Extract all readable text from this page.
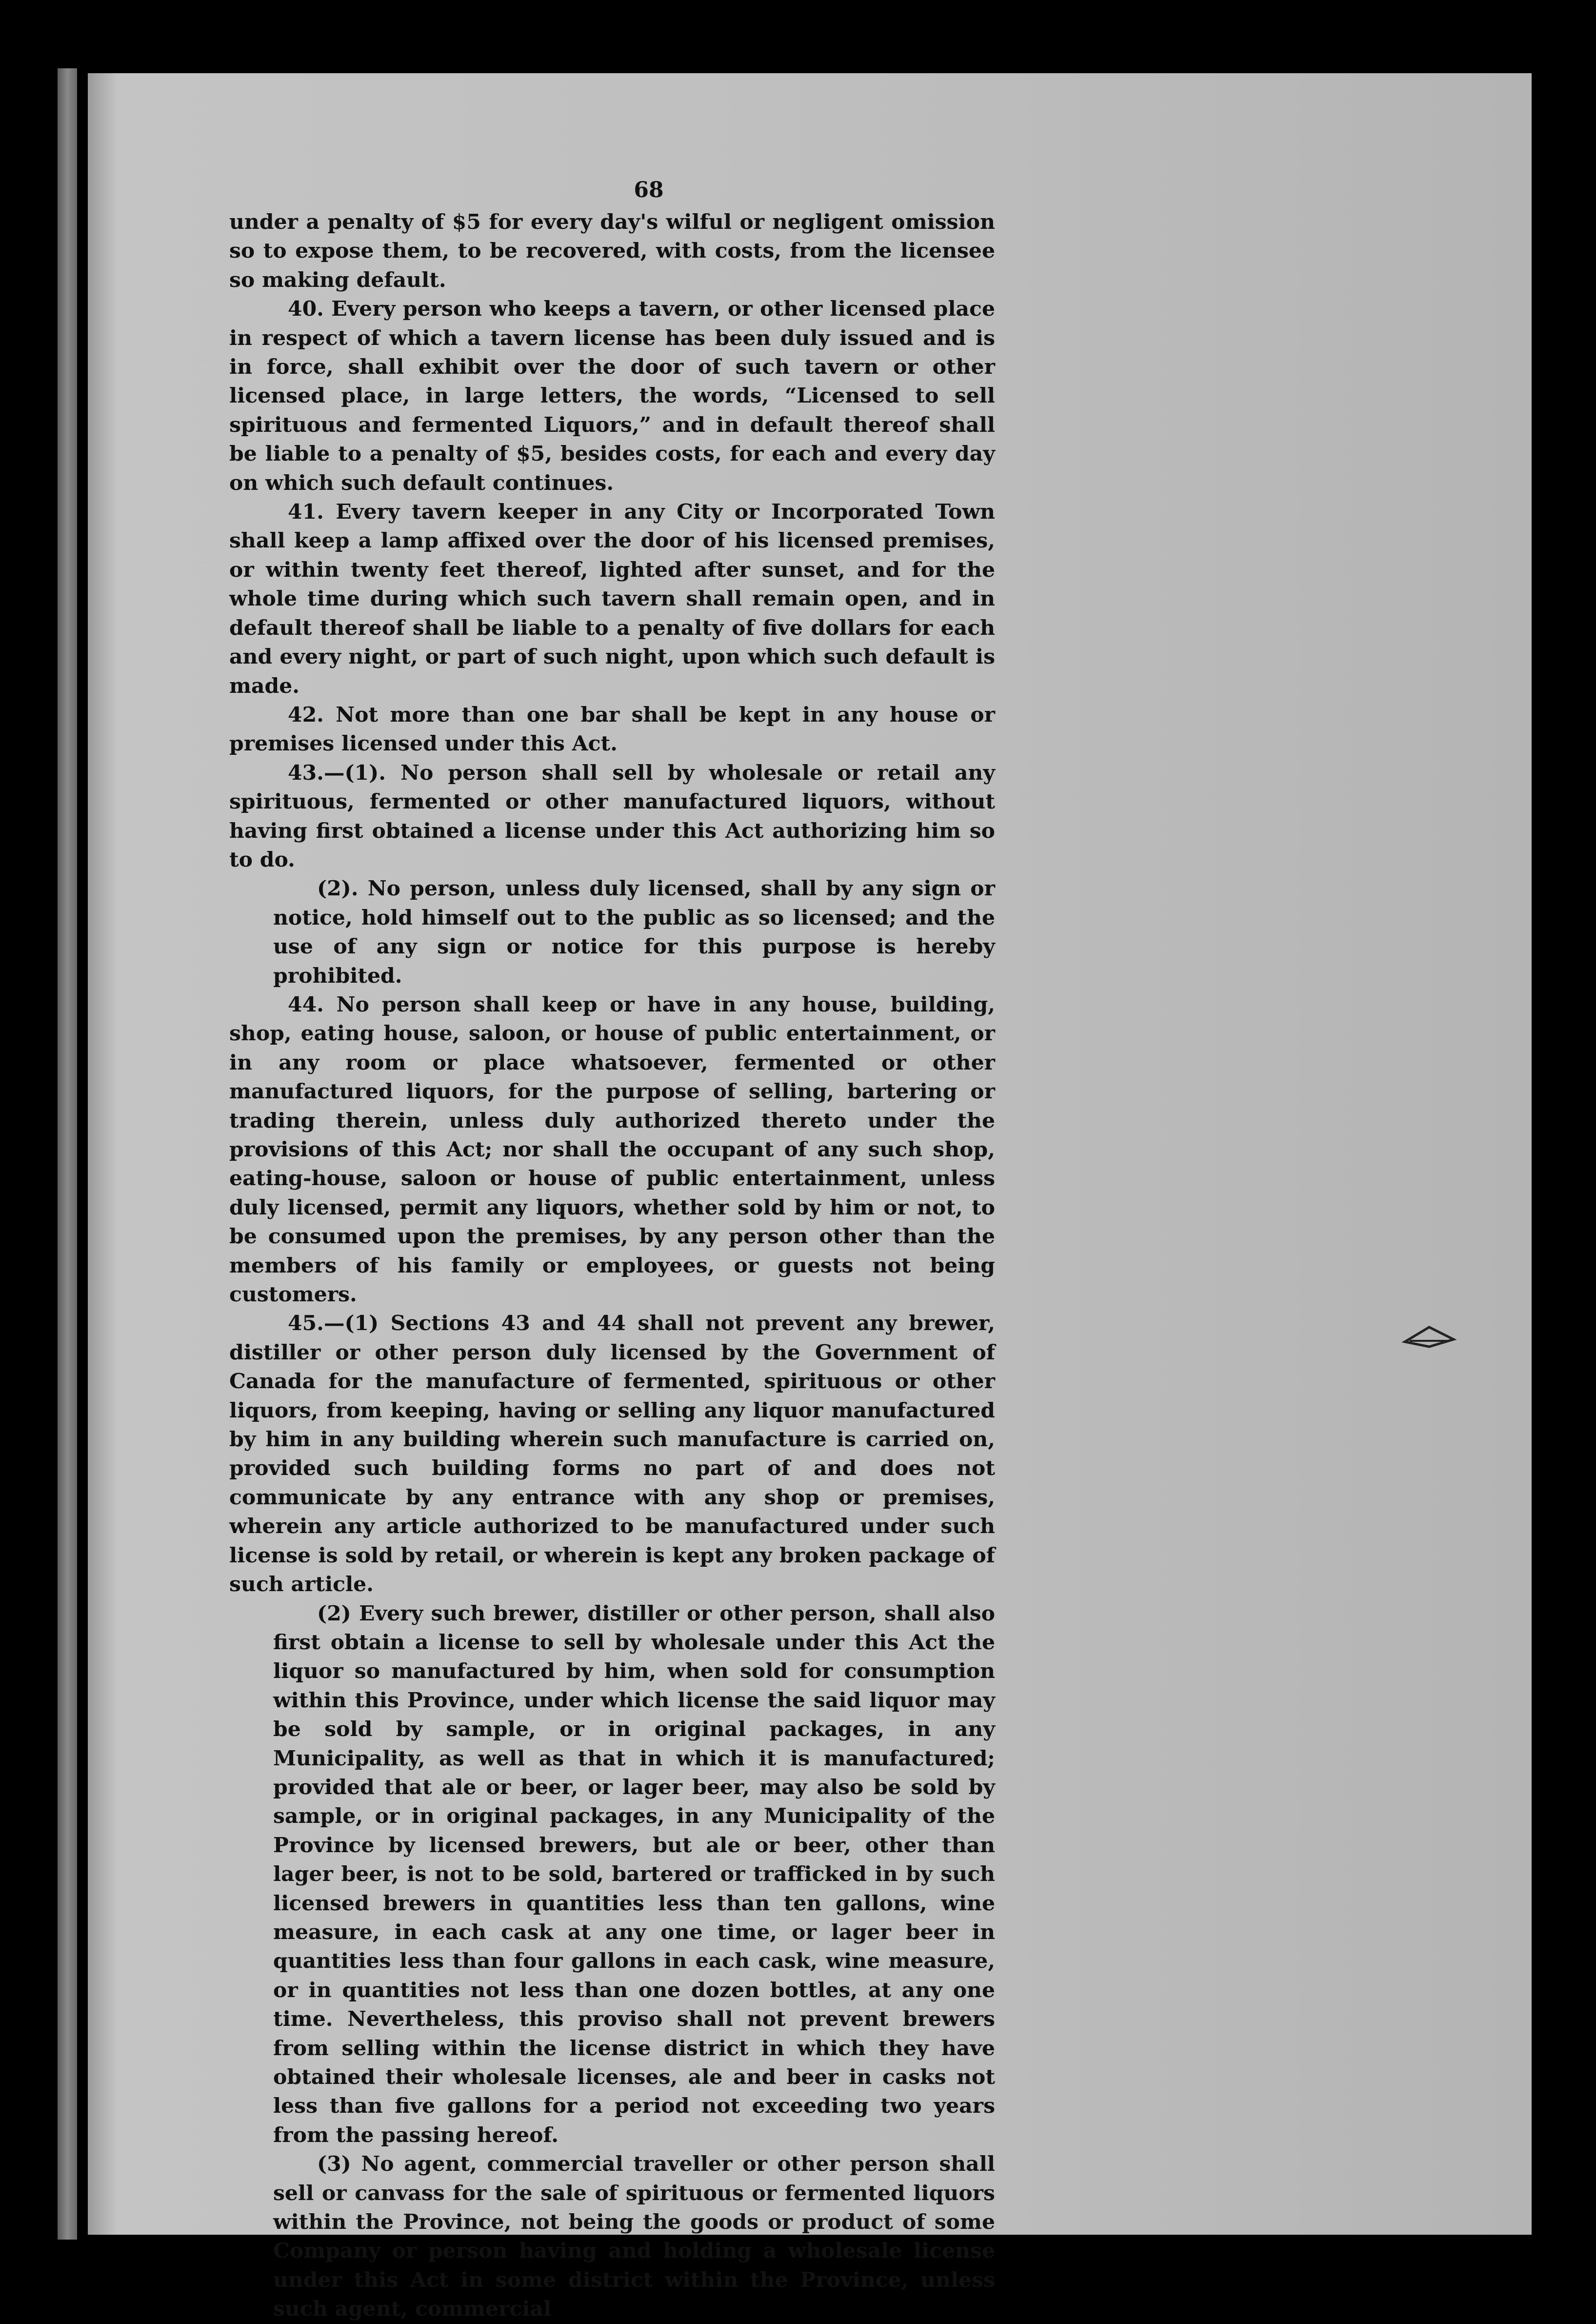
68

under a penalty of $5 for every day's wilful or negligent omission so to expose them, to be recovered, with costs, from the licensee so making default.

40. Every person who keeps a tavern, or other licensed place in respect of which a tavern license has been duly issued and is in force, shall exhibit over the door of such tavern or other licensed place, in large letters, the words, “Licensed to sell spirituous and fermented Liquors,” and in default thereof shall be liable to a penalty of $5, besides costs, for each and every day on which such default continues.

41. Every tavern keeper in any City or Incorporated Town shall keep a lamp affixed over the door of his licensed premises, or within twenty feet thereof, lighted after sunset, and for the whole time during which such tavern shall remain open, and in default thereof shall be liable to a penalty of five dollars for each and every night, or part of such night, upon which such default is made.

42. Not more than one bar shall be kept in any house or premises licensed under this Act.

43.—(1). No person shall sell by wholesale or retail any spirituous, fermented or other manufactured liquors, without having first obtained a license under this Act authorizing him so to do.

(2). No person, unless duly licensed, shall by any sign or notice, hold himself out to the public as so licensed; and the use of any sign or notice for this purpose is hereby prohibited.

44. No person shall keep or have in any house, building, shop, eating house, saloon, or house of public entertainment, or in any room or place whatsoever, fermented or other manufactured liquors, for the purpose of selling, bartering or trading therein, unless duly authorized thereto under the provisions of this Act; nor shall the occupant of any such shop, eating-house, saloon or house of public entertainment, unless duly licensed, permit any liquors, whether sold by him or not, to be consumed upon the premises, by any person other than the members of his family or employees, or guests not being customers.

45.—(1) Sections 43 and 44 shall not prevent any brewer, distiller or other person duly licensed by the Government of Canada for the manufacture of fermented, spirituous or other liquors, from keeping, having or selling any liquor manufactured by him in any building wherein such manufacture is carried on, provided such building forms no part of and does not communicate by any entrance with any shop or premises, wherein any article authorized to be manufactured under such license is sold by retail, or wherein is kept any broken package of such article.

(2) Every such brewer, distiller or other person, shall also first obtain a license to sell by wholesale under this Act the liquor so manufactured by him, when sold for consumption within this Province, under which license the said liquor may be sold by sample, or in original packages, in any Municipality, as well as that in which it is manufactured; provided that ale or beer, or lager beer, may also be sold by sample, or in original packages, in any Municipality of the Province by licensed brewers, but ale or beer, other than lager beer, is not to be sold, bartered or trafficked in by such licensed brewers in quantities less than ten gallons, wine measure, in each cask at any one time, or lager beer in quantities less than four gallons in each cask, wine measure, or in quantities not less than one dozen bottles, at any one time. Nevertheless, this proviso shall not prevent brewers from selling within the license district in which they have obtained their wholesale licenses, ale and beer in casks not less than five gallons for a period not exceeding two years from the passing hereof.

(3) No agent, commercial traveller or other person shall sell or canvass for the sale of spirituous or fermented liquors within the Province, not being the goods or product of some Company or person having and holding a wholesale license under this Act in some district within the Province, unless such agent, commercial
